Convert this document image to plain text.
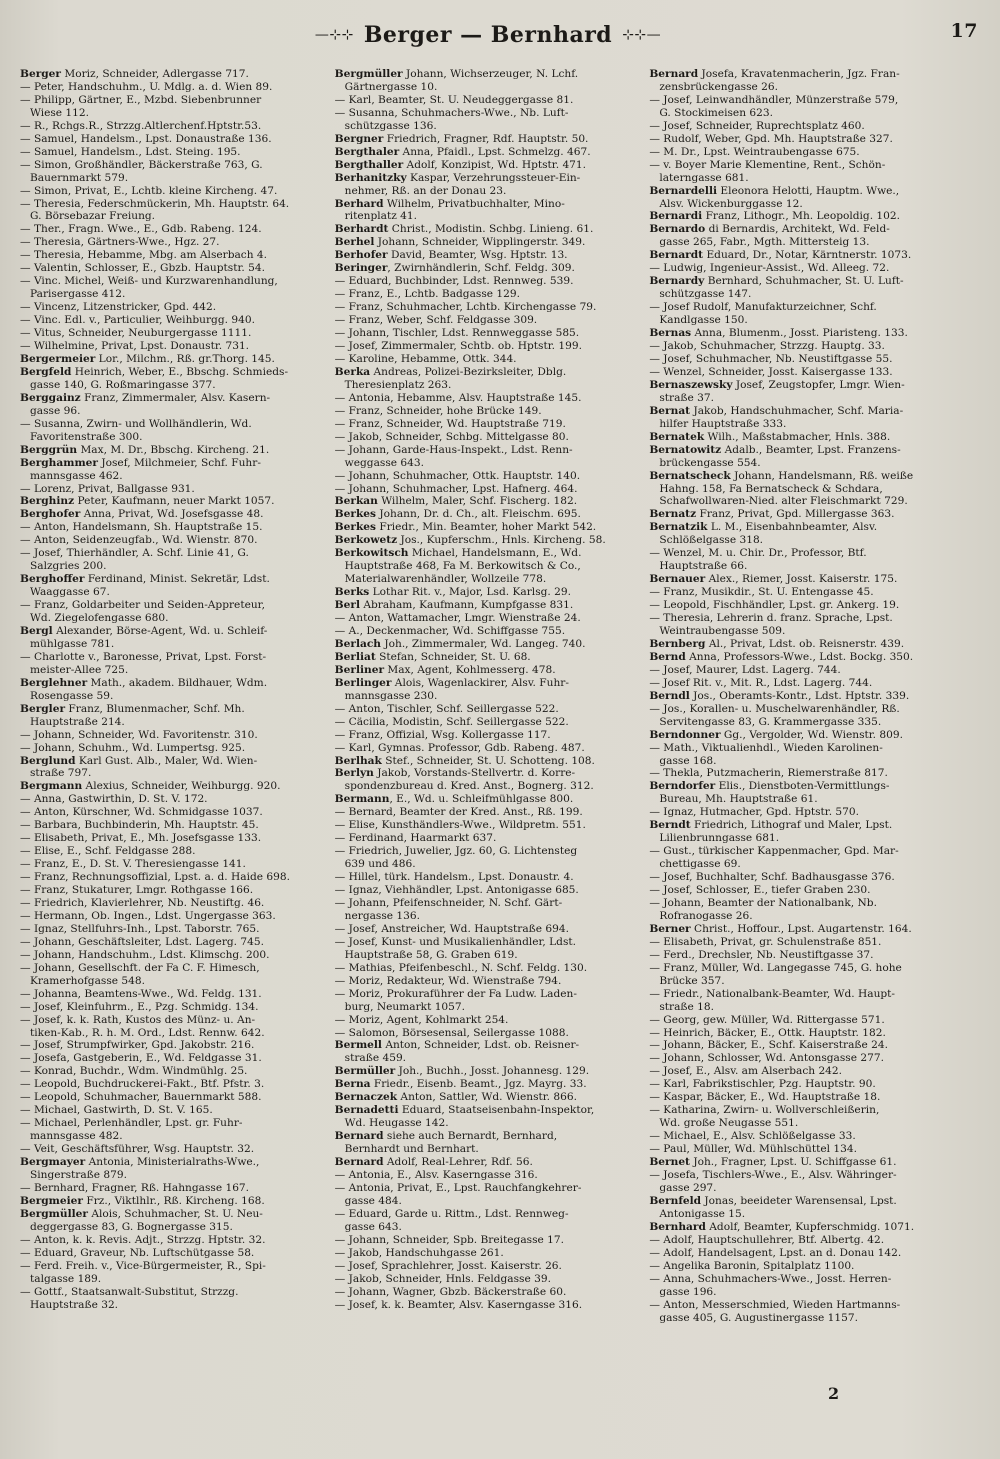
—⊹⊹ Berger — Bernhard ⊹⊹—	17
Berger Moriz, Schneider, Adlergasse 717.
— Peter, Handschuhm., U. Mdlg. a. d. Wien 89.
— Philipp, Gärtner, E., Mzbd. Siebenbrunner
Wiese 112.
— R., Rchgs.R., Strzzg.Altlerchenf.Hptstr.53.
— Samuel, Handelsm., Lpst. Donaustraße 136.
— Samuel, Handelsm., Ldst. Steing. 195.
— Simon, Großhändler, Bäckerstraße 763, G.
Bauernmarkt 579.
— Simon, Privat, E., Lchtb. kleine Kircheng. 47.
— Theresia, Federschmückerin, Mh. Hauptstr. 64.
G. Börsebazar Freiung.
— Ther., Fragn. Wwe., E., Gdb. Rabeng. 124.
— Theresia, Gärtners-Wwe., Hgz. 27.
— Theresia, Hebamme, Mbg. am Alserbach 4.
— Valentin, Schlosser, E., Gbzb. Hauptstr. 54.
— Vinc. Michel, Weiß- und Kurzwarenhandlung,
Parisergasse 412.
— Vincenz, Litzenstricker, Gpd. 442.
— Vinc. Edl. v., Particulier, Weihburgg. 940.
— Vitus, Schneider, Neuburgergasse 1111.
— Wilhelmine, Privat, Lpst. Donaustr. 731.
Bergermeier Lor., Milchm., Rß. gr.Thorg. 145.
Bergfeld Heinrich, Weber, E., Bbschg. Schmieds-
gasse 140, G. Roßmaringasse 377.
Berggainz Franz, Zimmermaler, Alsv. Kasern-
gasse 96.
— Susanna, Zwirn- und Wollhändlerin, Wd.
Favoritenstraße 300.
Berggrün Max, M. Dr., Bbschg. Kircheng. 21.
Berghammer Josef, Milchmeier, Schf. Fuhr-
mannsgasse 462.
— Lorenz, Privat, Ballgasse 931.
Berghinz Peter, Kaufmann, neuer Markt 1057.
Berghofer Anna, Privat, Wd. Josefsgasse 48.
— Anton, Handelsmann, Sh. Hauptstraße 15.
— Anton, Seidenzeugfab., Wd. Wienstr. 870.
— Josef, Thierhändler, A. Schf. Linie 41, G.
Salzgries 200.
Berghoffer Ferdinand, Minist. Sekretär, Ldst.
Waaggasse 67.
— Franz, Goldarbeiter und Seiden-Appreteur,
Wd. Ziegelofengasse 680.
Bergl Alexander, Börse-Agent, Wd. u. Schleif-
mühlgasse 781.
— Charlotte v., Baronesse, Privat, Lpst. Forst-
meister-Allee 725.
Berglehner Math., akadem. Bildhauer, Wdm.
Rosengasse 59.
Bergler Franz, Blumenmacher, Schf. Mh.
Hauptstraße 214.
— Johann, Schneider, Wd. Favoritenstr. 310.
— Johann, Schuhm., Wd. Lumpertsg. 925.
Berglund Karl Gust. Alb., Maler, Wd. Wien-
straße 797.
Bergmann Alexius, Schneider, Weihburgg. 920.
— Anna, Gastwirthin, D. St. V. 172.
— Anton, Kürschner, Wd. Schmidgasse 1037.
— Barbara, Buchbinderin, Mh. Hauptstr. 45.
— Elisabeth, Privat, E., Mh. Josefsgasse 133.
— Elise, E., Schf. Feldgasse 288.
— Franz, E., D. St. V. Theresiengasse 141.
— Franz, Rechnungsoffizial, Lpst. a. d. Haide 698.
— Franz, Stukaturer, Lmgr. Rothgasse 166.
— Friedrich, Klavierlehrer, Nb. Neustiftg. 46.
— Hermann, Ob. Ingen., Ldst. Ungergasse 363.
— Ignaz, Stellfuhrs-Inh., Lpst. Taborstr. 765.
— Johann, Geschäftsleiter, Ldst. Lagerg. 745.
— Johann, Handschuhm., Ldst. Klimschg. 200.
— Johann, Gesellschft. der Fa C. F. Himesch,
Kramerhofgasse 548.
— Johanna, Beamtens-Wwe., Wd. Feldg. 131.
— Josef, Kleinfuhrm., E., Pzg. Schmidg. 134.
— Josef, k. k. Rath, Kustos des Münz- u. An-
tiken-Kab., R. h. M. Ord., Ldst. Rennw. 642.
— Josef, Strumpfwirker, Gpd. Jakobstr. 216.
— Josefa, Gastgeberin, E., Wd. Feldgasse 31.
— Konrad, Buchdr., Wdm. Windmühlg. 25.
— Leopold, Buchdruckerei-Fakt., Btf. Pfstr. 3.
— Leopold, Schuhmacher, Bauernmarkt 588.
— Michael, Gastwirth, D. St. V. 165.
— Michael, Perlenhändler, Lpst. gr. Fuhr-
mannsgasse 482.
— Veit, Geschäftsführer, Wsg. Hauptstr. 32.
Bergmayer Antonia, Ministerialraths-Wwe.,
Singerstraße 879.
— Bernhard, Fragner, Rß. Hahngasse 167.
Bergmeier Frz., Viktlhlr., Rß. Kircheng. 168.
Bergmüller Alois, Schuhmacher, St. U. Neu-
deggergasse 83, G. Bognergasse 315.
— Anton, k. k. Revis. Adjt., Strzzg. Hptstr. 32.
— Eduard, Graveur, Nb. Luftschütgasse 58.
— Ferd. Freih. v., Vice-Bürgermeister, R., Spi-
talgasse 189.
— Gottf., Staatsanwalt-Substitut, Strzzg.
Hauptstraße 32.
Bergmüller Johann, Wichserzeuger, N. Lchf.
Gärtnergasse 10.
— Karl, Beamter, St. U. Neudeggergasse 81.
— Susanna, Schuhmachers-Wwe., Nb. Luft-
schützgasse 136.
Bergner Friedrich, Fragner, Rdf. Hauptstr. 50.
Bergthaler Anna, Pfaidl., Lpst. Schmelzg. 467.
Bergthaller Adolf, Konzipist, Wd. Hptstr. 471.
Berhanitzky Kaspar, Verzehrungssteuer-Ein-
nehmer, Rß. an der Donau 23.
Berhard Wilhelm, Privatbuchhalter, Mino-
ritenplatz 41.
Berhardt Christ., Modistin. Schbg. Linieng. 61.
Berhel Johann, Schneider, Wipplingerstr. 349.
Berhofer David, Beamter, Wsg. Hptstr. 13.
Beringer, Zwirnhändlerin, Schf. Feldg. 309.
— Eduard, Buchbinder, Ldst. Rennweg. 539.
— Franz, E., Lchtb. Badgasse 129.
— Franz, Schuhmacher, Lchtb. Kirchengasse 79.
— Franz, Weber, Schf. Feldgasse 309.
— Johann, Tischler, Ldst. Rennweggasse 585.
— Josef, Zimmermaler, Schtb. ob. Hptstr. 199.
— Karoline, Hebamme, Ottk. 344.
Berka Andreas, Polizei-Bezirksleiter, Dblg.
Theresienplatz 263.
— Antonia, Hebamme, Alsv. Hauptstraße 145.
— Franz, Schneider, hohe Brücke 149.
— Franz, Schneider, Wd. Hauptstraße 719.
— Jakob, Schneider, Schbg. Mittelgasse 80.
— Johann, Garde-Haus-Inspekt., Ldst. Renn-
weggasse 643.
— Johann, Schuhmacher, Ottk. Hauptstr. 140.
— Johann, Schuhmacher, Lpst. Hafnerg. 464.
Berkan Wilhelm, Maler, Schf. Fischerg. 182.
Berkes Johann, Dr. d. Ch., alt. Fleischm. 695.
Berkes Friedr., Min. Beamter, hoher Markt 542.
Berkowetz Jos., Kupferschm., Hnls. Kircheng. 58.
Berkowitsch Michael, Handelsmann, E., Wd.
Hauptstraße 468, Fa M. Berkowitsch & Co.,
Materialwarenhändler, Wollzeile 778.
Berks Lothar Rit. v., Major, Lsd. Karlsg. 29.
Berl Abraham, Kaufmann, Kumpfgasse 831.
— Anton, Wattamacher, Lmgr. Wienstraße 24.
— A., Deckenmacher, Wd. Schiffgasse 755.
Berlach Joh., Zimmermaler, Wd. Langeg. 740.
Berliat Stefan, Schneider, St. U. 68.
Berliner Max, Agent, Kohlmesserg. 478.
Berlinger Alois, Wagenlackirer, Alsv. Fuhr-
mannsgasse 230.
— Anton, Tischler, Schf. Seillergasse 522.
— Cäcilia, Modistin, Schf. Seillergasse 522.
— Franz, Offizial, Wsg. Kollergasse 117.
— Karl, Gymnas. Professor, Gdb. Rabeng. 487.
Berlhak Stef., Schneider, St. U. Schotteng. 108.
Berlyn Jakob, Vorstands-Stellvertr. d. Korre-
spondenzbureau d. Kred. Anst., Bognerg. 312.
Bermann, E., Wd. u. Schleifmühlgasse 800.
— Bernard, Beamter der Kred. Anst., Rß. 199.
— Elise, Kunsthändlers-Wwe., Wildpretm. 551.
— Ferdinand, Haarmarkt 637.
— Friedrich, Juwelier, Jgz. 60, G. Lichtensteg
639 und 486.
— Hillel, türk. Handelsm., Lpst. Donaustr. 4.
— Ignaz, Viehhändler, Lpst. Antonigasse 685.
— Johann, Pfeifenschneider, N. Schf. Gärt-
nergasse 136.
— Josef, Anstreicher, Wd. Hauptstraße 694.
— Josef, Kunst- und Musikalienhändler, Ldst.
Hauptstraße 58, G. Graben 619.
— Mathias, Pfeifenbeschl., N. Schf. Feldg. 130.
— Moriz, Redakteur, Wd. Wienstraße 794.
— Moriz, Prokuraführer der Fa Ludw. Laden-
burg, Neumarkt 1057.
— Moriz, Agent, Kohlmarkt 254.
— Salomon, Börsesensal, Seilergasse 1088.
Bermell Anton, Schneider, Ldst. ob. Reisner-
straße 459.
Bermüller Joh., Buchh., Josst. Johannesg. 129.
Berna Friedr., Eisenb. Beamt., Jgz. Mayrg. 33.
Bernaczek Anton, Sattler, Wd. Wienstr. 866.
Bernadetti Eduard, Staatseisenbahn-Inspektor,
Wd. Heugasse 142.
Bernard siehe auch Bernardt, Bernhard,
Bernhardt und Bernhart.
Bernard Adolf, Real-Lehrer, Rdf. 56.
— Antonia, E., Alsv. Kaserngasse 316.
— Antonia, Privat, E., Lpst. Rauchfangkehrer-
gasse 484.
— Eduard, Garde u. Rittm., Ldst. Rennweg-
gasse 643.
— Johann, Schneider, Spb. Breitegasse 17.
— Jakob, Handschuhgasse 261.
— Josef, Sprachlehrer, Josst. Kaiserstr. 26.
— Jakob, Schneider, Hnls. Feldgasse 39.
— Johann, Wagner, Gbzb. Bäckerstraße 60.
— Josef, k. k. Beamter, Alsv. Kaserngasse 316.
Bernard Josefa, Kravatenmacherin, Jgz. Fran-
zensbrückengasse 26.
— Josef, Leinwandhändler, Münzerstraße 579,
G. Stockimeisen 623.
— Josef, Schneider, Ruprechtsplatz 460.
— Rudolf, Weber, Gpd. Mh. Hauptstraße 327.
— M. Dr., Lpst. Weintraubengasse 675.
— v. Boyer Marie Klementine, Rent., Schön-
laterngasse 681.
Bernardelli Eleonora Helotti, Hauptm. Wwe.,
Alsv. Wickenburggasse 12.
Bernardi Franz, Lithogr., Mh. Leopoldig. 102.
Bernardo di Bernardis, Architekt, Wd. Feld-
gasse 265, Fabr., Mgth. Mittersteig 13.
Bernardt Eduard, Dr., Notar, Kärntnerstr. 1073.
— Ludwig, Ingenieur-Assist., Wd. Alleeg. 72.
Bernardy Bernhard, Schuhmacher, St. U. Luft-
schützgasse 147.
— Josef Rudolf, Manufakturzeichner, Schf.
Kandlgasse 150.
Bernas Anna, Blumenm., Josst. Piaristeng. 133.
— Jakob, Schuhmacher, Strzzg. Hauptg. 33.
— Josef, Schuhmacher, Nb. Neustiftgasse 55.
— Wenzel, Schneider, Josst. Kaisergasse 133.
Bernaszewsky Josef, Zeugstopfer, Lmgr. Wien-
straße 37.
Bernat Jakob, Handschuhmacher, Schf. Maria-
hilfer Hauptstraße 333.
Bernatek Wilh., Maßstabmacher, Hnls. 388.
Bernatowitz Adalb., Beamter, Lpst. Franzens-
brückengasse 554.
Bernatscheck Johann, Handelsmann, Rß. weiße
Hahng. 158, Fa Bernatscheck & Schdara,
Schafwollwaren-Nied. alter Fleischmarkt 729.
Bernatz Franz, Privat, Gpd. Millergasse 363.
Bernatzik L. M., Eisenbahnbeamter, Alsv.
Schlößelgasse 318.
— Wenzel, M. u. Chir. Dr., Professor, Btf.
Hauptstraße 66.
Bernauer Alex., Riemer, Josst. Kaiserstr. 175.
— Franz, Musikdir., St. U. Entengasse 45.
— Leopold, Fischhändler, Lpst. gr. Ankerg. 19.
— Theresia, Lehrerin d. franz. Sprache, Lpst.
Weintraubengasse 509.
Bernberg Al., Privat, Ldst. ob. Reisnerstr. 439.
Bernd Anna, Professors-Wwe., Ldst. Bockg. 350.
— Josef, Maurer, Ldst. Lagerg. 744.
— Josef Rit. v., Mit. R., Ldst. Lagerg. 744.
Berndl Jos., Oberamts-Kontr., Ldst. Hptstr. 339.
— Jos., Korallen- u. Muschelwarenhändler, Rß.
Servitengasse 83, G. Krammergasse 335.
Berndonner Gg., Vergolder, Wd. Wienstr. 809.
— Math., Viktualienhdl., Wieden Karolinen-
gasse 168.
— Thekla, Putzmacherin, Riemerstraße 817.
Berndorfer Elis., Dienstboten-Vermittlungs-
Bureau, Mh. Hauptstraße 61.
— Ignaz, Hutmacher, Gpd. Hptstr. 570.
Berndt Friedrich, Lithograf und Maler, Lpst.
Lilienbrunngasse 681.
— Gust., türkischer Kappenmacher, Gpd. Mar-
chettigasse 69.
— Josef, Buchhalter, Schf. Badhausgasse 376.
— Josef, Schlosser, E., tiefer Graben 230.
— Johann, Beamter der Nationalbank, Nb.
Rofranogasse 26.
Berner Christ., Hoffour., Lpst. Augartenstr. 164.
— Elisabeth, Privat, gr. Schulenstraße 851.
— Ferd., Drechsler, Nb. Neustiftgasse 37.
— Franz, Müller, Wd. Langegasse 745, G. hohe
Brücke 357.
— Friedr., Nationalbank-Beamter, Wd. Haupt-
straße 18.
— Georg, gew. Müller, Wd. Rittergasse 571.
— Heinrich, Bäcker, E., Ottk. Hauptstr. 182.
— Johann, Bäcker, E., Schf. Kaiserstraße 24.
— Johann, Schlosser, Wd. Antonsgasse 277.
— Josef, E., Alsv. am Alserbach 242.
— Karl, Fabrikstischler, Pzg. Hauptstr. 90.
— Kaspar, Bäcker, E., Wd. Hauptstraße 18.
— Katharina, Zwirn- u. Wollverschleißerin,
Wd. große Neugasse 551.
— Michael, E., Alsv. Schlößelgasse 33.
— Paul, Müller, Wd. Mühlschüttel 134.
Bernet Joh., Fragner, Lpst. U. Schiffgasse 61.
— Josefa, Tischlers-Wwe., E., Alsv. Währinger-
gasse 297.
Bernfeld Jonas, beeideter Warensensal, Lpst.
Antonigasse 15.
Bernhard Adolf, Beamter, Kupferschmidg. 1071.
— Adolf, Hauptschullehrer, Btf. Albertg. 42.
— Adolf, Handelsagent, Lpst. an d. Donau 142.
— Angelika Baronin, Spitalplatz 1100.
— Anna, Schuhmachers-Wwe., Josst. Herren-
gasse 196.
— Anton, Messerschmied, Wieden Hartmanns-
gasse 405, G. Augustinergasse 1157.
2
